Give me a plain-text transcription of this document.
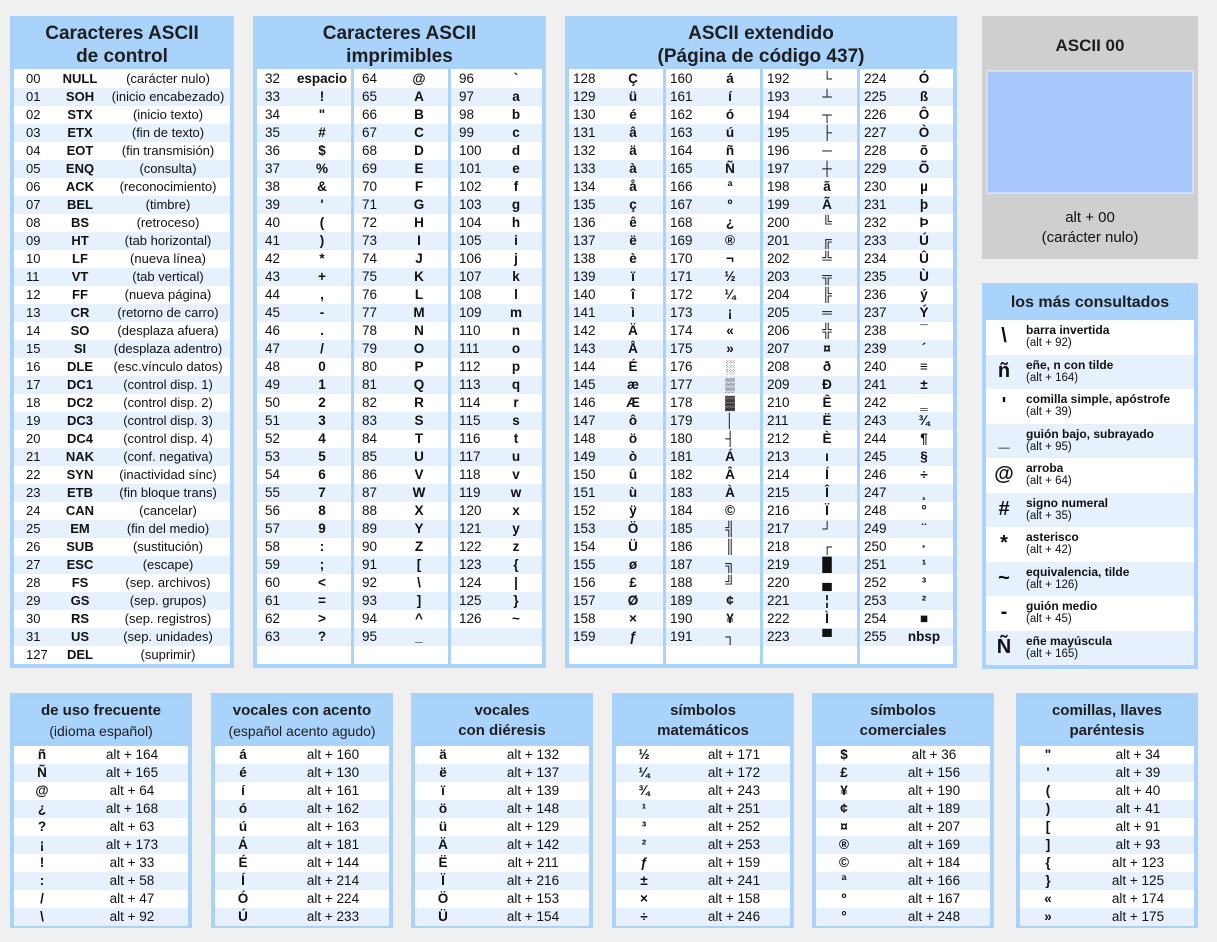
Caracteres ASCII
de control
00	NULL	(carácter nulo)
01	SOH	(inicio encabezado)
02	STX	(inicio texto)
03	ETX	(fin de texto)
04	EOT	(fin transmisión)
05	ENQ	(consulta)
06	ACK	(reconocimiento)
07	BEL	(timbre)
08	BS	(retroceso)
09	HT	(tab horizontal)
10	LF	(nueva línea)
11	VT	(tab vertical)
12	FF	(nueva página)
13	CR	(retorno de carro)
14	SO	(desplaza afuera)
15	SI	(desplaza adentro)
16	DLE	(esc.vínculo datos)
17	DC1	(control disp. 1)
18	DC2	(control disp. 2)
19	DC3	(control disp. 3)
20	DC4	(control disp. 4)
21	NAK	(conf. negativa)
22	SYN	(inactividad sínc)
23	ETB	(fin bloque trans)
24	CAN	(cancelar)
25	EM	(fin del medio)
26	SUB	(sustitución)
27	ESC	(escape)
28	FS	(sep. archivos)
29	GS	(sep. grupos)
30	RS	(sep. registros)
31	US	(sep. unidades)
127	DEL	(suprimir)
Caracteres ASCII
imprimibles
32 espacio
33	!
34	"
35	#
36	$
37	%
38	&
39	'
40	(
41	)
42	*
43	+
44	,
45	-
46	.
47	/
48	0
49	1
50	2
51	3
52	4
53	5
54	6
55	7
56	8
57	9
58	:
59	;
60	<
61	=
62	>
63	?
64	@
65	A
66	B
67	C
68	D
69	E
70	F
71	G
72	H
73	I
74	J
75	K
76	L
77	M
78	N
79	O
80	P
81	Q
82	R
83	S
84	T
85	U
86	V
87	W
88	X
89	Y
90	Z
91	[
92	\
93	]
94	^
95	_
96	`
97	a
98	b
99	c
100	d
101	e
102	f
103	g
104	h
105	i
106	j
107	k
108	l
109	m
110	n
111	o
112	p
113	q
114	r
115	s
116	t
117	u
118	v
119	w
120	x
121	y
122	z
123	{
124	|
125	}
126	~
ASCII extendido
(Página de código 437)
128	Ç
129	ü
130	é
131	â
132	ä
133	à
134	å
135	ç
136	ê
137	ë
138	è
139	ï
140	î
141	ì
142	Ä
143	Å
144	É
145	æ
146	Æ
147	ô
148	ö
149	ò
150	û
151	ù
152	ÿ
153	Ö
154	Ü
155	ø
156	£
157	Ø
158	×
159	ƒ
160	á
161	í
162	ó
163	ú
164	ñ
165	Ñ
166	ª
167	º
168	¿
169	®
170	¬
171	½
172	¼
173	¡
174	«
175	»
176	░
177	▒
178	▓
179	│
180	┤
181	Á
182	Â
183	À
184	©
185	╣
186	║
187	╗
188	╝
189	¢
190	¥
191	┐
192	└
193	┴
194	┬
195	├
196	─
197	┼
198	ã
199	Ã
200	╚
201	╔
202	╩
203	╦
204	╠
205	═
206	╬
207	¤
208	ð
209	Ð
210	Ê
211	Ë
212	È
213	ı
214	Í
215	Î
216	Ï
217	┘
218	┌
219	█
220	▄
221	¦
222	Ì
223	▀
224	Ó
225	ß
226	Ô
227	Ò
228	õ
229	Õ
230	µ
231	þ
232	Þ
233	Ú
234	Û
235	Ù
236	ý
237	Ý
238	¯
239	´
240	≡
241	±
242	‗
243	¾
244	¶
245	§
246	÷
247	¸
248	°
249	¨
250	·
251	¹
252	³
253	²
254	■
255	nbsp
ASCII 00
alt + 00
(carácter nulo)
los más consultados
\	barra invertida
(alt + 92)
ñ	eñe, n con tilde
(alt + 164)
'	comilla simple, apóstrofe
(alt + 39)
_	guión bajo, subrayado
(alt + 95)
@ arroba
(alt + 64)
#	signo numeral
(alt + 35)
*	asterisco
(alt + 42)
~	equivalencia, tilde
(alt + 126)
-	guión medio
(alt + 45)
Ñ	eñe mayúscula
(alt + 165)
de uso frecuente
(idioma español)
ñ	alt + 164
Ñ	alt + 165
@	alt + 64
¿	alt + 168
?	alt + 63
¡	alt + 173
!	alt + 33
:	alt + 58
/	alt + 47
\	alt + 92
vocales con acento
(español acento agudo)
á	alt + 160
é	alt + 130
í	alt + 161
ó	alt + 162
ú	alt + 163
Á	alt + 181
É	alt + 144
Í	alt + 214
Ó	alt + 224
Ú	alt + 233
vocales
con diéresis
ä	alt + 132
ë	alt + 137
ï	alt + 139
ö	alt + 148
ü	alt + 129
Ä	alt + 142
Ë	alt + 211
Ï	alt + 216
Ö	alt + 153
Ü	alt + 154
símbolos
matemáticos
½	alt + 171
¼	alt + 172
¾	alt + 243
¹	alt + 251
³	alt + 252
²	alt + 253
ƒ	alt + 159
±	alt + 241
×	alt + 158
÷	alt + 246
símbolos
comerciales
$	alt + 36
£	alt + 156
¥	alt + 190
¢	alt + 189
¤	alt + 207
®	alt + 169
©	alt + 184
ª	alt + 166
º	alt + 167
°	alt + 248
comillas, llaves
paréntesis
"	alt + 34
'	alt + 39
(	alt + 40
)	alt + 41
[	alt + 91
]	alt + 93
{	alt + 123
}	alt + 125
«	alt + 174
»	alt + 175
